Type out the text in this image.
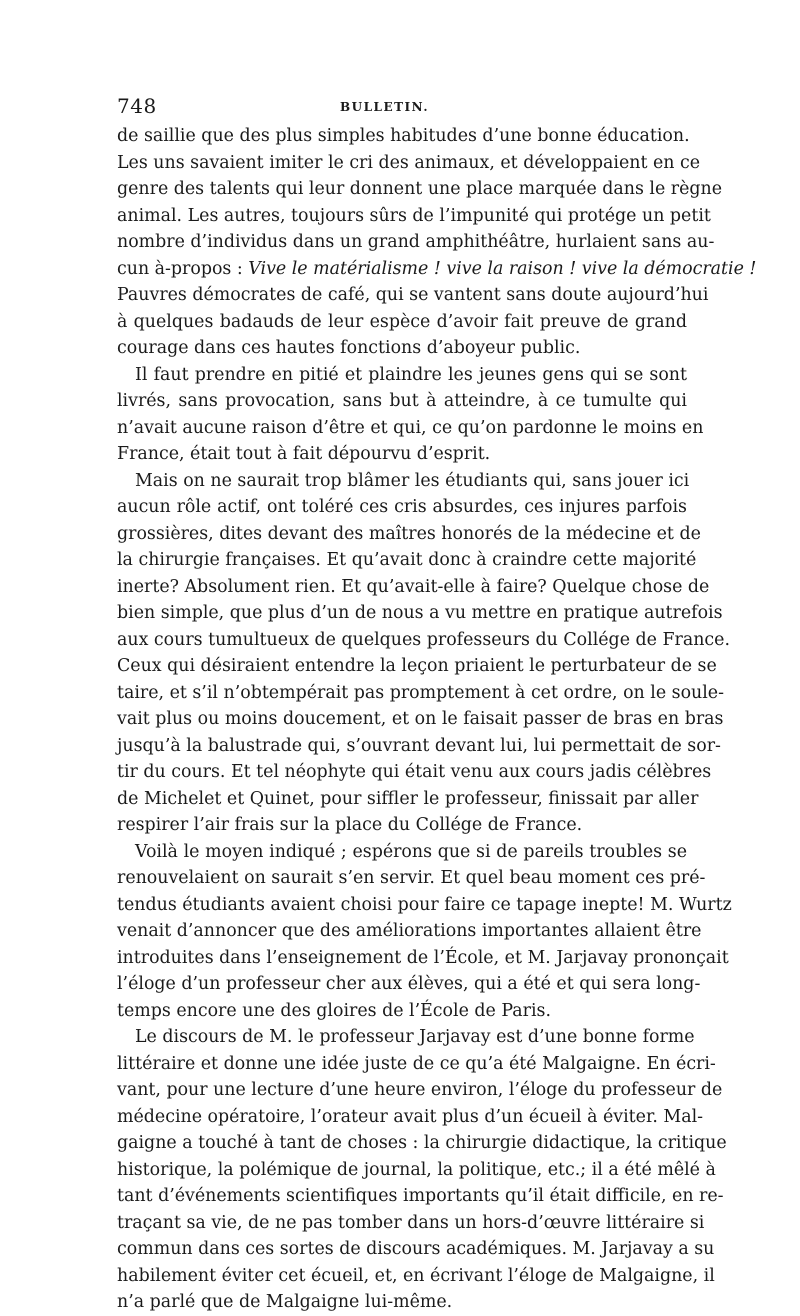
748	BULLETIN.
de saillie que des plus simples habitudes d’une bonne éducation.
Les uns savaient imiter le cri des animaux, et développaient en ce
genre des talents qui leur donnent une place marquée dans le règne
animal. Les autres, toujours sûrs de l’impunité qui protége un petit
nombre d’individus dans un grand amphithéâtre, hurlaient sans au-
cun à-propos : Vive le matérialisme ! vive la raison ! vive la démocratie !
Pauvres démocrates de café, qui se vantent sans doute aujourd’hui
à quelques badauds de leur espèce d’avoir fait preuve de grand
courage dans ces hautes fonctions d’aboyeur public.
Il faut prendre en pitié et plaindre les jeunes gens qui se sont
livrés, sans provocation, sans but à atteindre, à ce tumulte qui
n’avait aucune raison d’être et qui, ce qu’on pardonne le moins en
France, était tout à fait dépourvu d’esprit.
Mais on ne saurait trop blâmer les étudiants qui, sans jouer ici
aucun rôle actif, ont toléré ces cris absurdes, ces injures parfois
grossières, dites devant des maîtres honorés de la médecine et de
la chirurgie françaises. Et qu’avait donc à craindre cette majorité
inerte? Absolument rien. Et qu’avait-elle à faire? Quelque chose de
bien simple, que plus d’un de nous a vu mettre en pratique autrefois
aux cours tumultueux de quelques professeurs du Collége de France.
Ceux qui désiraient entendre la leçon priaient le perturbateur de se
taire, et s’il n’obtempérait pas promptement à cet ordre, on le soule-
vait plus ou moins doucement, et on le faisait passer de bras en bras
jusqu’à la balustrade qui, s’ouvrant devant lui, lui permettait de sor-
tir du cours. Et tel néophyte qui était venu aux cours jadis célèbres
de Michelet et Quinet, pour siffler le professeur, finissait par aller
respirer l’air frais sur la place du Collége de France.
Voilà le moyen indiqué ; espérons que si de pareils troubles se
renouvelaient on saurait s’en servir. Et quel beau moment ces pré-
tendus étudiants avaient choisi pour faire ce tapage inepte! M. Wurtz
venait d’annoncer que des améliorations importantes allaient être
introduites dans l’enseignement de l’École, et M. Jarjavay prononçait
l’éloge d’un professeur cher aux élèves, qui a été et qui sera long-
temps encore une des gloires de l’École de Paris.
Le discours de M. le professeur Jarjavay est d’une bonne forme
littéraire et donne une idée juste de ce qu’a été Malgaigne. En écri-
vant, pour une lecture d’une heure environ, l’éloge du professeur de
médecine opératoire, l’orateur avait plus d’un écueil à éviter. Mal-
gaigne a touché à tant de choses : la chirurgie didactique, la critique
historique, la polémique de journal, la politique, etc.; il a été mêlé à
tant d’événements scientifiques importants qu’il était difficile, en re-
traçant sa vie, de ne pas tomber dans un hors-d’œuvre littéraire si
commun dans ces sortes de discours académiques. M. Jarjavay a su
habilement éviter cet écueil, et, en écrivant l’éloge de Malgaigne, il
n’a parlé que de Malgaigne lui-même.
